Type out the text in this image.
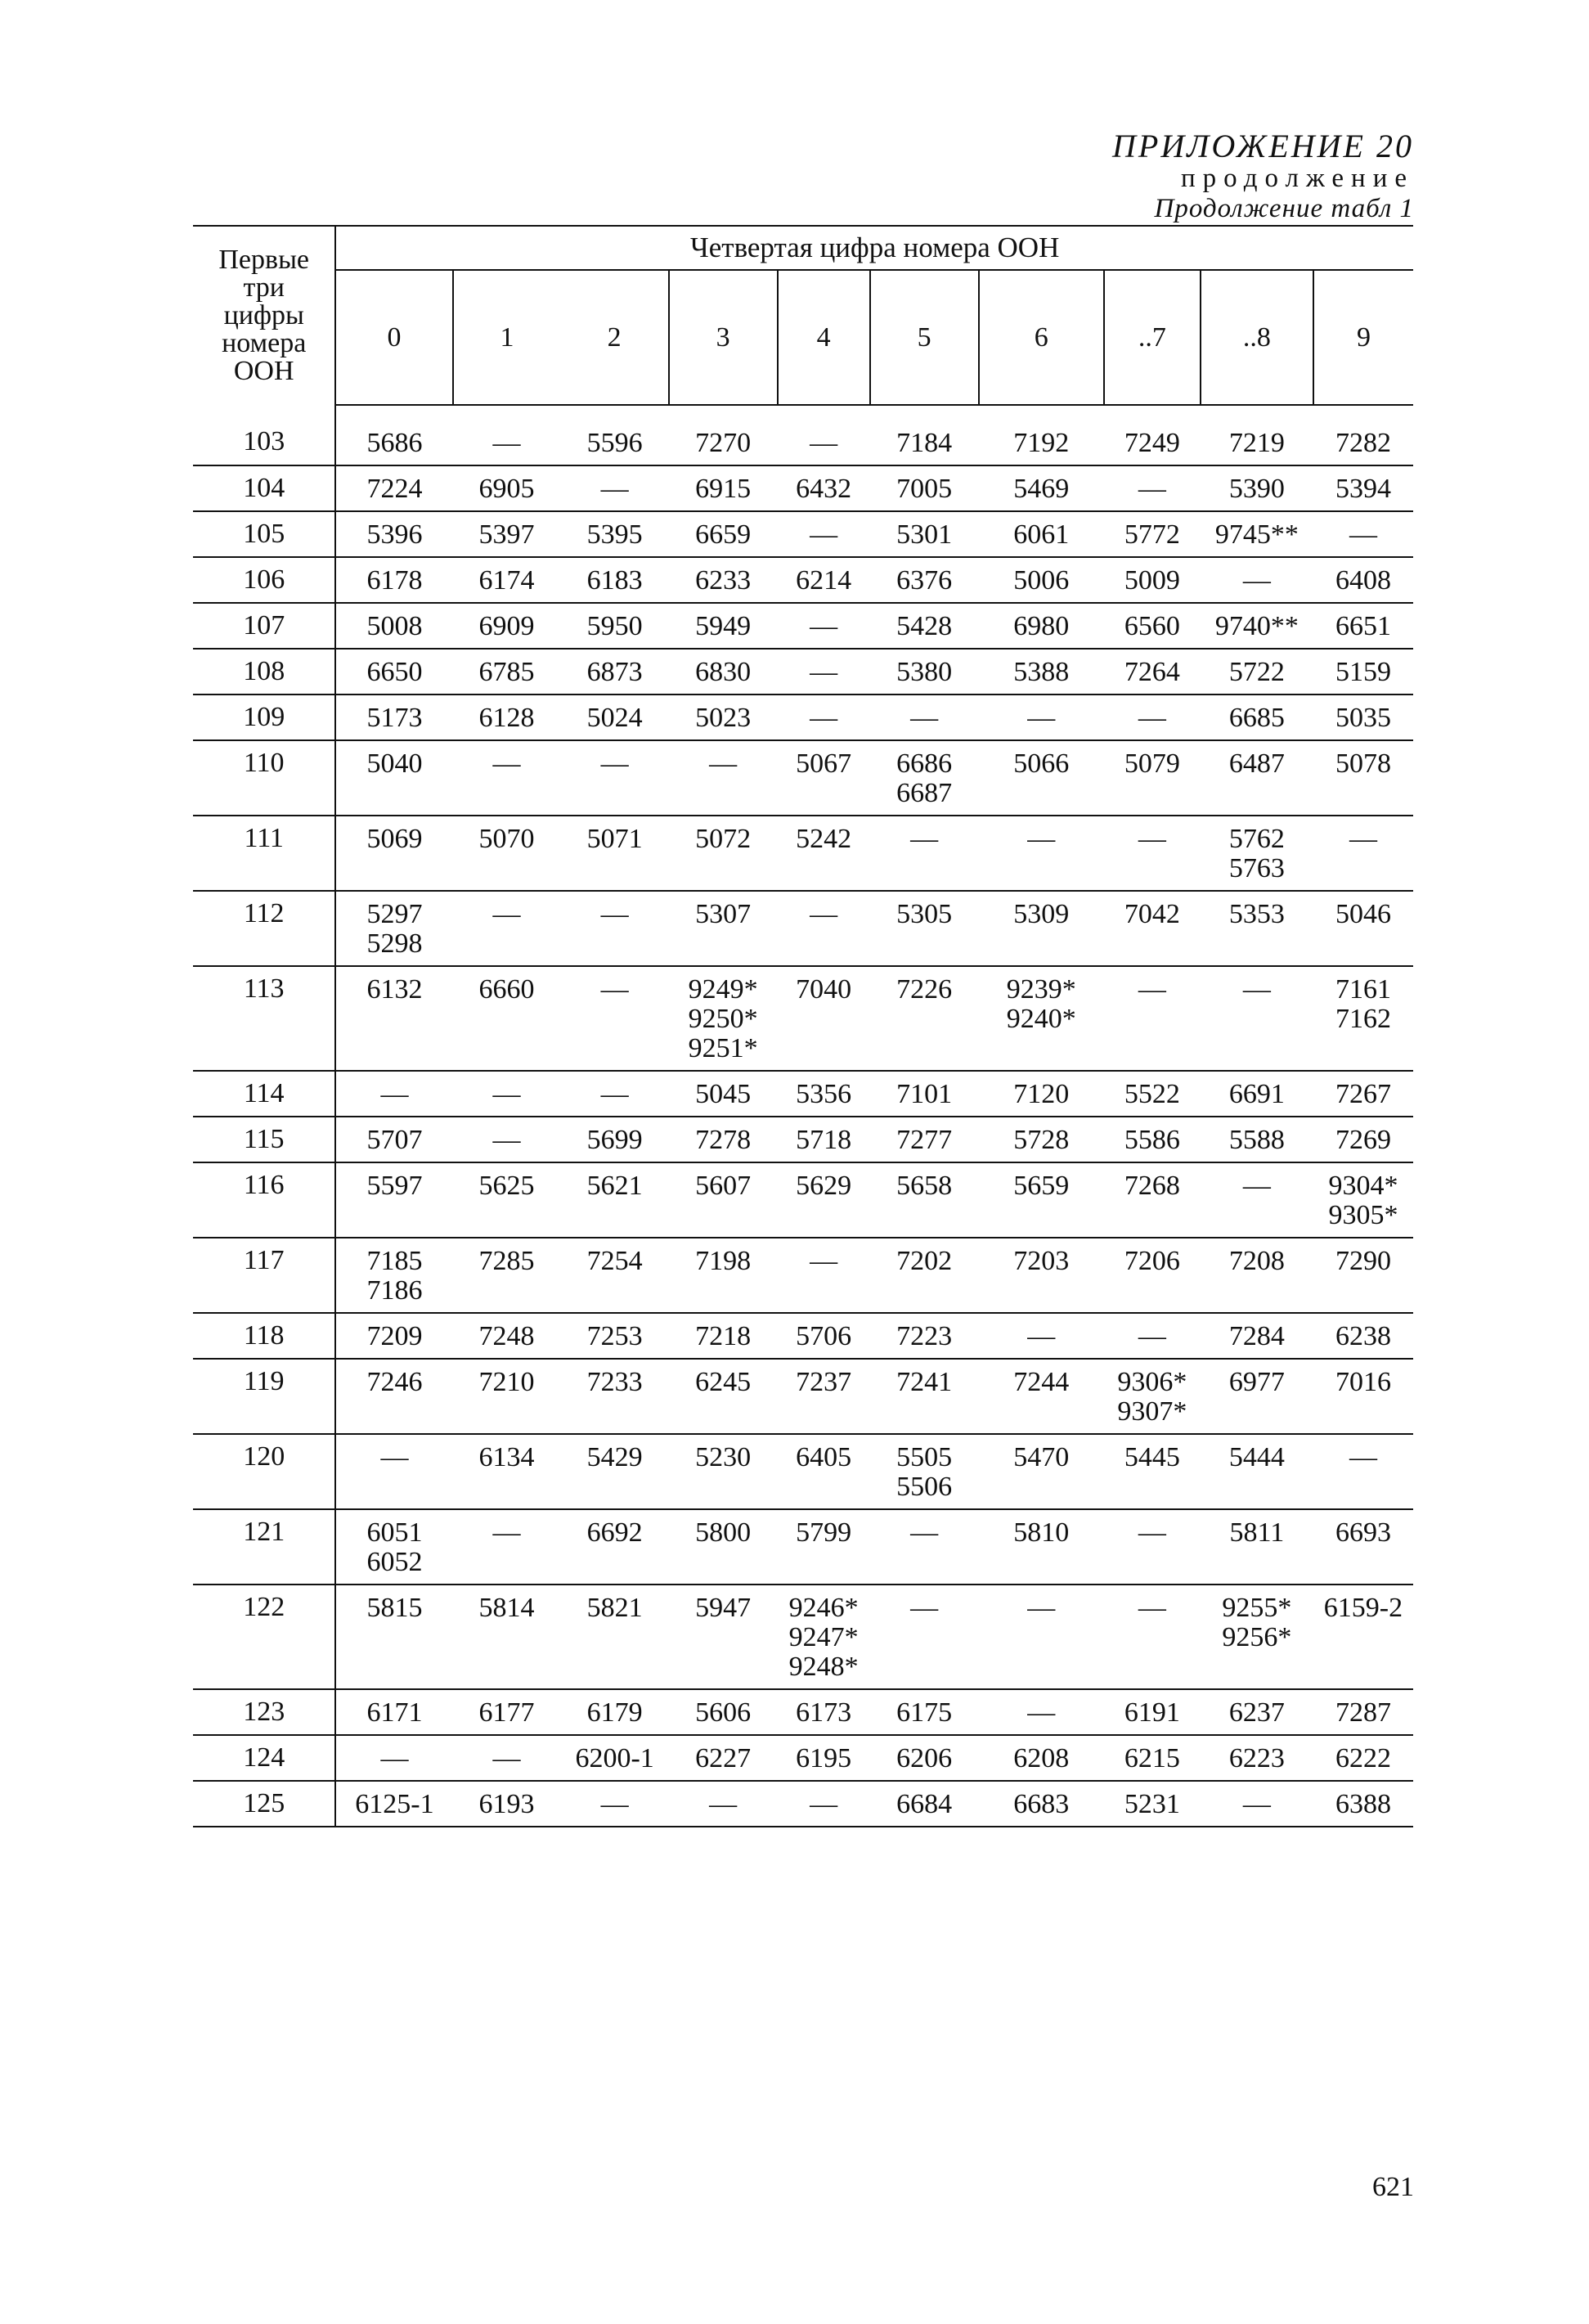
ПРИЛОЖЕНИЕ 20
продолжение
Продолжение табл 1
Первые
три
цифры
номера
ООН	Четвертая цифра номера ООН									
	0	1	2	3	4	5	6	..7	..8	9
103	5686	—	5596	7270	—	7184	7192	7249	7219	7282

104	7224	6905	—	6915	6432	7005	5469	—	5390	5394

105	5396	5397	5395	6659	—	5301	6061	5772	9745**	—

106	6178	6174	6183	6233	6214	6376	5006	5009	—	6408

107	5008	6909	5950	5949	—	5428	6980	6560	9740**	6651

108	6650	6785	6873	6830	—	5380	5388	7264	5722	5159

109	5173	6128	5024	5023	—	—	—	—	6685	5035

110	5040	—	—	—	5067	6686
6687	5066	5079	6487	5078

111	5069	5070	5071	5072	5242	—	—	—	5762
5763	—

112	5297
5298	—	—	5307	—	5305	5309	7042	5353	5046

113	6132	6660	—	9249*
9250*
9251*	7040	7226	9239*
9240*	—	—	7161
7162

114	—	—	—	5045	5356	7101	7120	5522	6691	7267

115	5707	—	5699	7278	5718	7277	5728	5586	5588	7269

116	5597	5625	5621	5607	5629	5658	5659	7268	—	9304*
9305*

117	7185
7186	7285	7254	7198	—	7202	7203	7206	7208	7290

118	7209	7248	7253	7218	5706	7223	—	—	7284	6238

119	7246	7210	7233	6245	7237	7241	7244	9306*
9307*	6977	7016

120	—	6134	5429	5230	6405	5505
5506	5470	5445	5444	—

121	6051
6052	—	6692	5800	5799	—	5810	—	5811	6693

122	5815	5814	5821	5947	9246*
9247*
9248*	—	—	—	9255*
9256*	6159-2

123	6171	6177	6179	5606	6173	6175	—	6191	6237	7287

124	—	—	6200-1	6227	6195	6206	6208	6215	6223	6222

125	6125-1	6193	—	—	—	6684	6683	5231	—	6388
621
